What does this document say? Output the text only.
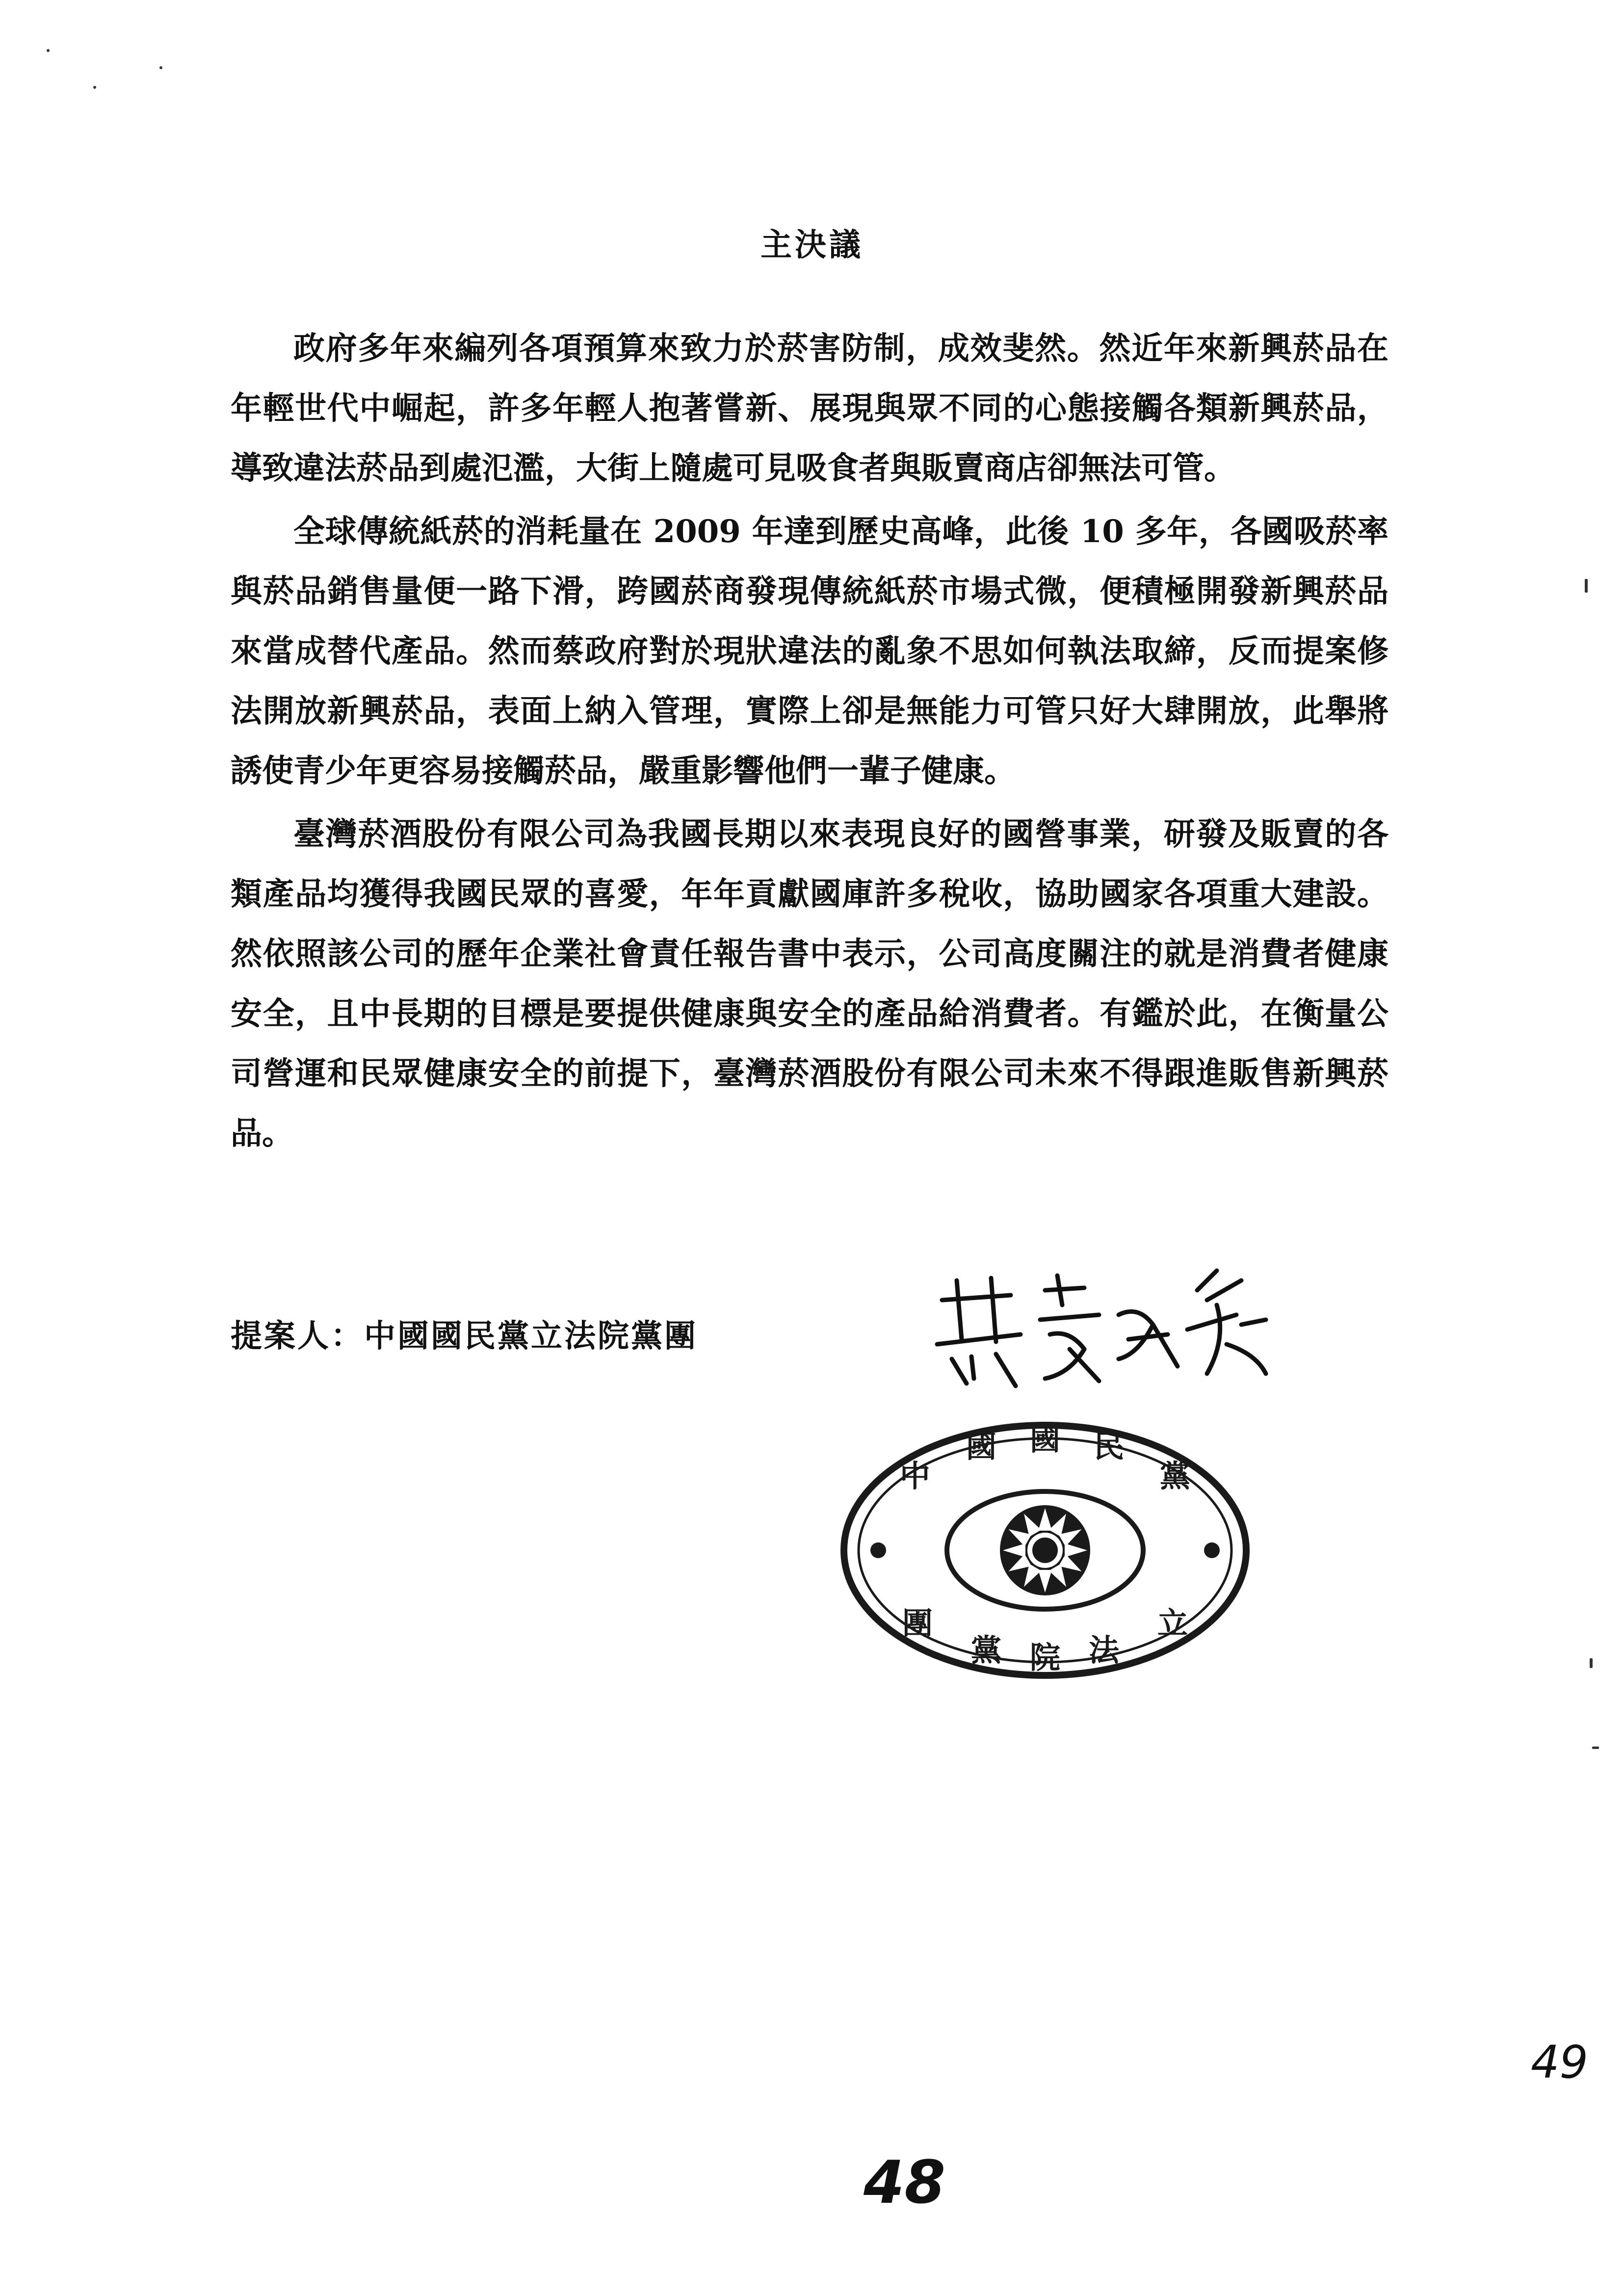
主決議

政府多年來編列各項預算來致力於菸害防制，成效斐然。然近年來新興菸品在年輕世代中崛起，許多年輕人抱著嘗新、展現與眾不同的心態接觸各類新興菸品，導致違法菸品到處氾濫，大街上隨處可見吸食者與販賣商店卻無法可管。

全球傳統紙菸的消耗量在 2009 年達到歷史高峰，此後 10 多年，各國吸菸率與菸品銷售量便一路下滑，跨國菸商發現傳統紙菸市場式微，便積極開發新興菸品來當成替代產品。然而蔡政府對於現狀違法的亂象不思如何執法取締，反而提案修法開放新興菸品，表面上納入管理，實際上卻是無能力可管只好大肆開放，此舉將誘使青少年更容易接觸菸品，嚴重影響他們一輩子健康。

臺灣菸酒股份有限公司為我國長期以來表現良好的國營事業，研發及販賣的各類產品均獲得我國民眾的喜愛，年年貢獻國庫許多稅收，協助國家各項重大建設。然依照該公司的歷年企業社會責任報告書中表示，公司高度關注的就是消費者健康安全，且中長期的目標是要提供健康與安全的產品給消費者。有鑑於此，在衡量公司營運和民眾健康安全的前提下，臺灣菸酒股份有限公司未來不得跟進販售新興菸品。

提案人：中國國民黨立法院黨團
中
國 國 民
黨
立
法
院
黨
團
48
49
